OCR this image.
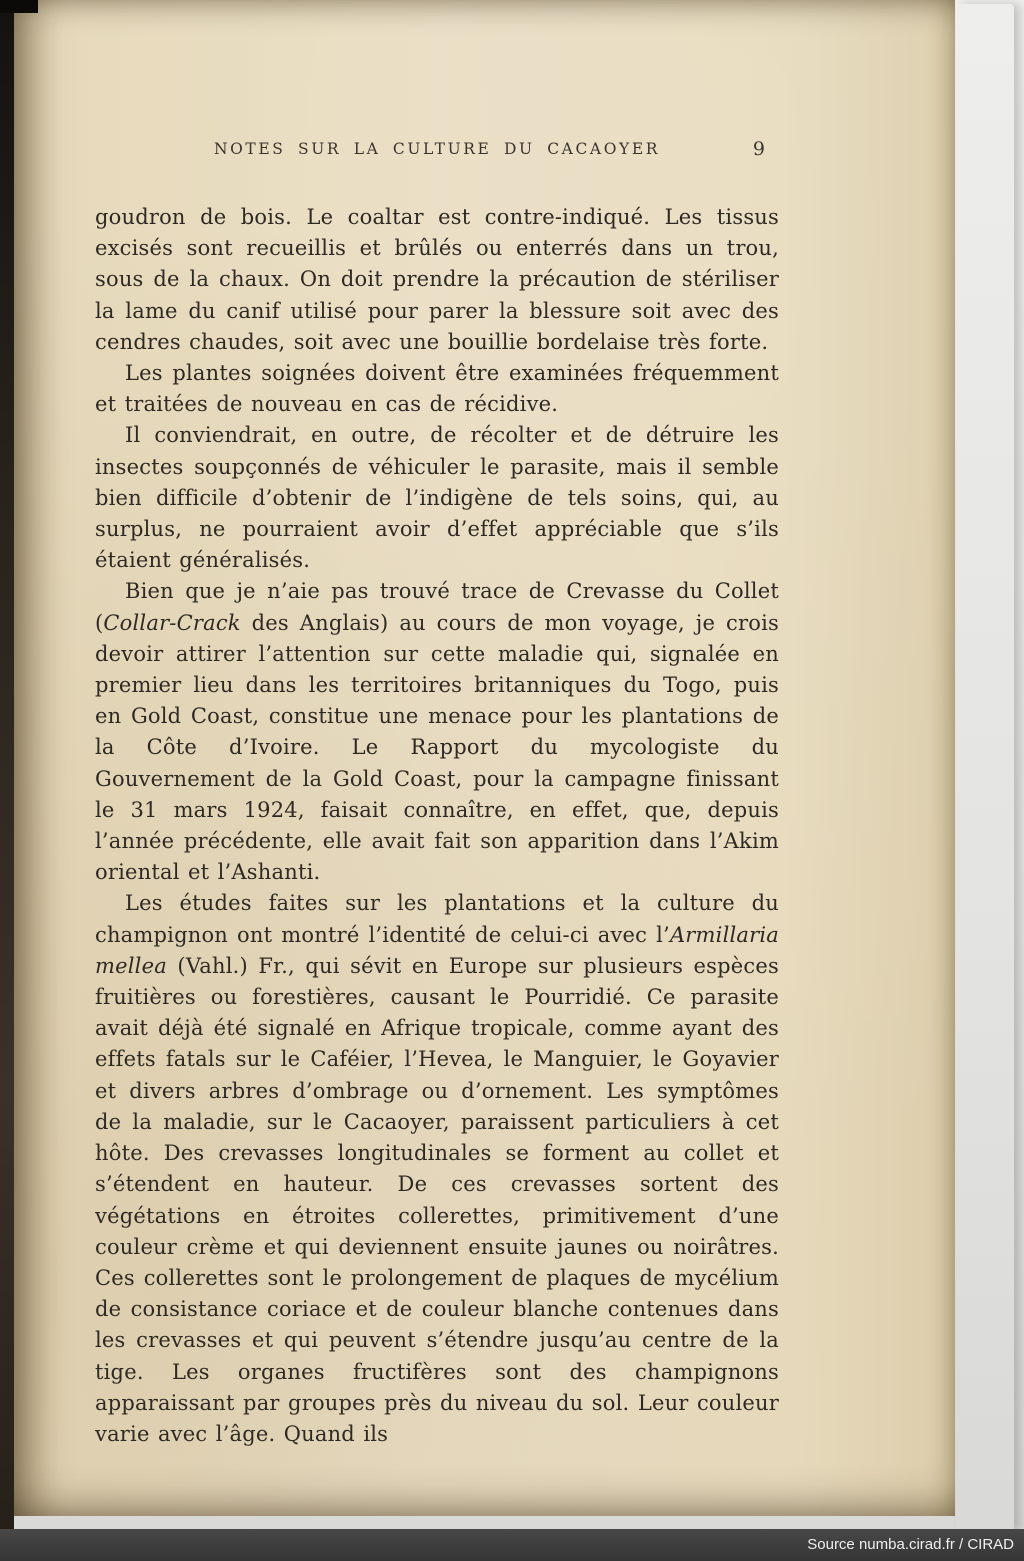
NOTES SUR LA CULTURE DU CACAOYER	9

goudron de bois. Le coaltar est contre-indiqué. Les tissus excisés sont recueillis et brûlés ou enterrés dans un trou, sous de la chaux. On doit prendre la précaution de stériliser la lame du canif utilisé pour parer la blessure soit avec des cendres chaudes, soit avec une bouillie bordelaise très forte.

Les plantes soignées doivent être examinées fréquemment et traitées de nouveau en cas de récidive.

Il conviendrait, en outre, de récolter et de détruire les insectes soupçonnés de véhiculer le parasite, mais il semble bien difficile d’obtenir de l’indigène de tels soins, qui, au surplus, ne pourraient avoir d’effet appréciable que s’ils étaient généralisés.

Bien que je n’aie pas trouvé trace de Crevasse du Collet (Collar-Crack des Anglais) au cours de mon voyage, je crois devoir attirer l’attention sur cette maladie qui, signalée en premier lieu dans les territoires britanniques du Togo, puis en Gold Coast, constitue une menace pour les plantations de la Côte d’Ivoire. Le Rapport du mycologiste du Gouvernement de la Gold Coast, pour la campagne finissant le 31 mars 1924, faisait connaître, en effet, que, depuis l’année précédente, elle avait fait son apparition dans l’Akim oriental et l’Ashanti.

Les études faites sur les plantations et la culture du champignon ont montré l’identité de celui-ci avec l’Armillaria mellea (Vahl.) Fr., qui sévit en Europe sur plusieurs espèces fruitières ou forestières, causant le Pourridié. Ce parasite avait déjà été signalé en Afrique tropicale, comme ayant des effets fatals sur le Caféier, l’Hevea, le Manguier, le Goyavier et divers arbres d’ombrage ou d’ornement. Les symptômes de la maladie, sur le Cacaoyer, paraissent particuliers à cet hôte. Des crevasses longitudinales se forment au collet et s’étendent en hauteur. De ces crevasses sortent des végétations en étroites collerettes, primitivement d’une couleur crème et qui deviennent ensuite jaunes ou noirâtres. Ces collerettes sont le prolongement de plaques de mycélium de consistance coriace et de couleur blanche contenues dans les crevasses et qui peuvent s’étendre jusqu’au centre de la tige. Les organes fructifères sont des champignons apparaissant par groupes près du niveau du sol. Leur couleur varie avec l’âge. Quand ils

Source numba.cirad.fr / CIRAD
